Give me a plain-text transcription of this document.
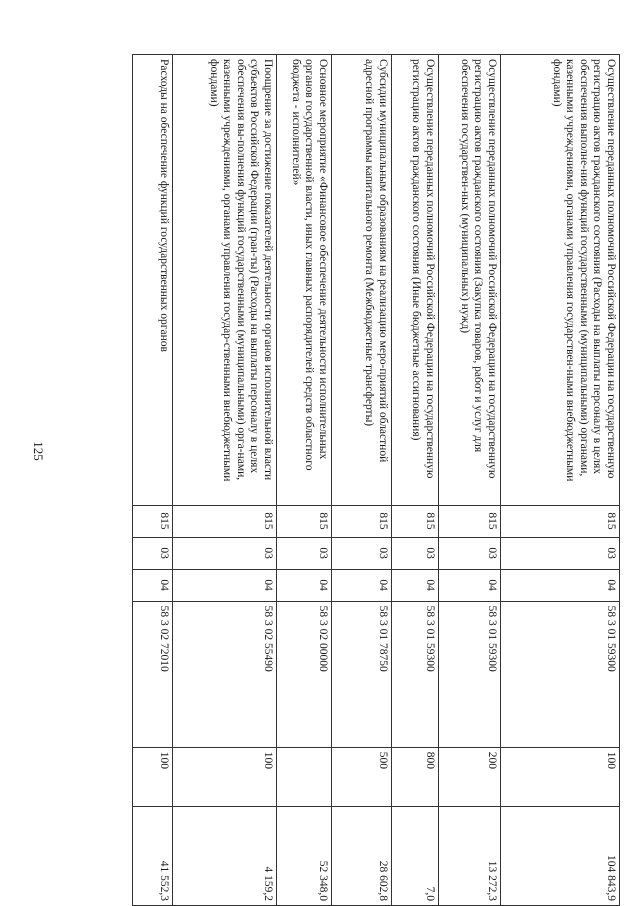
125	Осуществление переданных полномочий Российской Федерации на государственную регистрацию актов гражданского состояния (Расходы на выплаты персоналу в целях обеспечения выполне-ния функций государственными (муниципальными) органами, казенными учреждениями, органами управления государствен-ными внебюджетными фондами)	815	03	04	58 3 01 59300	100	104 843,9
Осуществление переданных полномочий Российской Федерации на государственную регистрацию актов гражданского состояния (Закупка товаров, работ и услуг для обеспечения государствен-ных (муниципальных) нужд)	815	03	04	58 3 01 59300	200	13 272,3
Осуществление переданных полномочий Российской Федерации на государственную регистрацию актов гражданского состояния (Иные бюджетные ассигнования)	815	03	04	58 3 01 59300	800	7,0
Субсидии муниципальным образованиям на реализацию меро-приятий областной адресной программы капитального ремонта (Межбюджетные трансферты)	815	03	04	58 3 01 78750	500	28 602,8
Основное мероприятие «Финансовое обеспечение деятельности исполнительных органов государственной власти, иных главных распорядителей средств областного бюджета - исполнителей»	815	03	04	58 3 02 00000		52 348,0
Поощрение за достижение показателей деятельности органов исполнительной власти субъектов Российской Федерации (гран-ты) (Расходы на выплаты персоналу в целях обеспечения вы-полнения функций государственными (муниципальными) орга-нами, казенными учреждениями, органами управления государ-ственными внебюджетными фондами)	815	03	04	58 3 02 55490	100	4 159,2
Расходы на обеспечение функций государственных органов	815	03	04	58 3 02 72010	100	41 552,3
